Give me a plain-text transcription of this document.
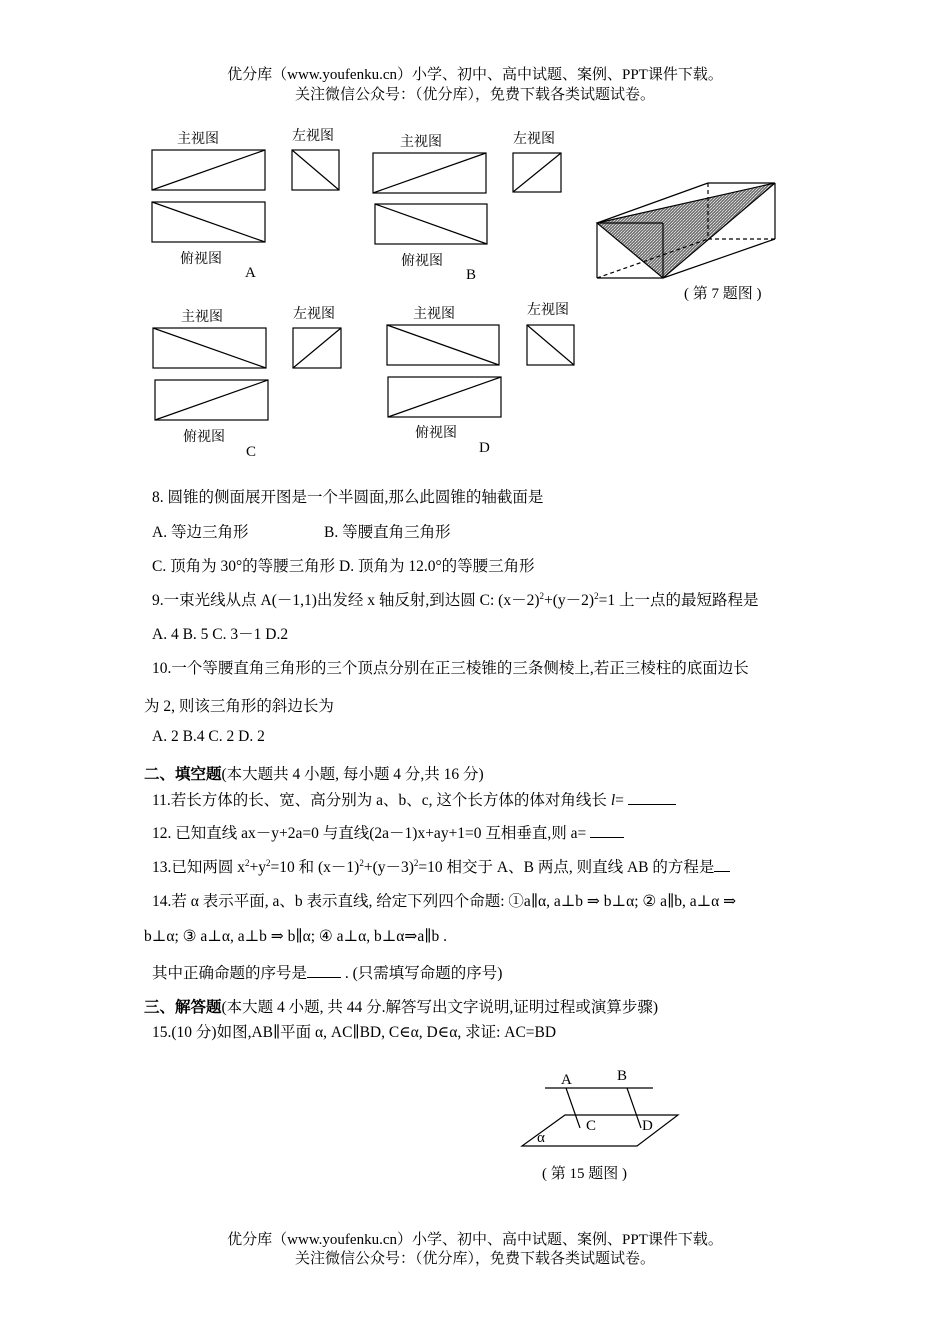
优分库（www.youfenku.cn）小学、初中、高中试题、案例、PPT课件下载。
关注微信公众号：（优分库），免费下载各类试题试卷。
主视图	左视图
俯视图
A
主视图	左视图
俯视图
B
主视图	左视图
俯视图
C
主视图	左视图
俯视图
D
( 第 7 题图 )
8. 圆锥的侧面展开图是一个半圆面,那么此圆锥的轴截面是
A. 等边三角形	B. 等腰直角三角形
C. 顶角为 30°的等腰三角形 D. 顶角为 12.0°的等腰三角形
9.一束光线从点 A(－1,1)出发经 x 轴反射,到达圆 C: $(x-2)^2+(y-2)^2=1$ 上一点的最短路程是
A. 4 B. 5 C. 3－1 D.2
10.一个等腰直角三角形的三个顶点分别在正三棱锥的三条侧棱上,若正三棱柱的底面边长
为 2, 则该三角形的斜边长为
A. 2 B.4 C. 2 D. 2
二、填空题(本大题共 4 小题, 每小题 4 分,共 16 分)
11.若长方体的长、宽、高分别为 a、b、c, 这个长方体的体对角线长 l=
12. 已知直线 ax－y+2a=0 与直线(2a－1)x+ay+1=0 互相垂直,则 a=
13.已知两圆 $x^2+y^2=10$ 和 $(x-1)^2+(y-3)^2=10$ 相交于 A、B 两点, 则直线 AB 的方程是
14.若 α 表示平面, a、b 表示直线, 给定下列四个命题: ①a∥α, a⊥b ⇒ b⊥α; ② a∥b, a⊥α ⇒
b⊥α; ③ a⊥α, a⊥b ⇒ b∥α; ④ a⊥α, b⊥α⇒a∥b .
其中正确命题的序号是 . (只需填写命题的序号)
三、解答题(本大题 4 小题, 共 44 分.解答写出文字说明,证明过程或演算步骤)
15.(10 分)如图,AB∥平面 α, AC∥BD, C∈α, D∈α, 求证: AC=BD
A	B
C	D
α
( 第 15 题图 )
优分库（www.youfenku.cn）小学、初中、高中试题、案例、PPT课件下载。
关注微信公众号：（优分库），免费下载各类试题试卷。
